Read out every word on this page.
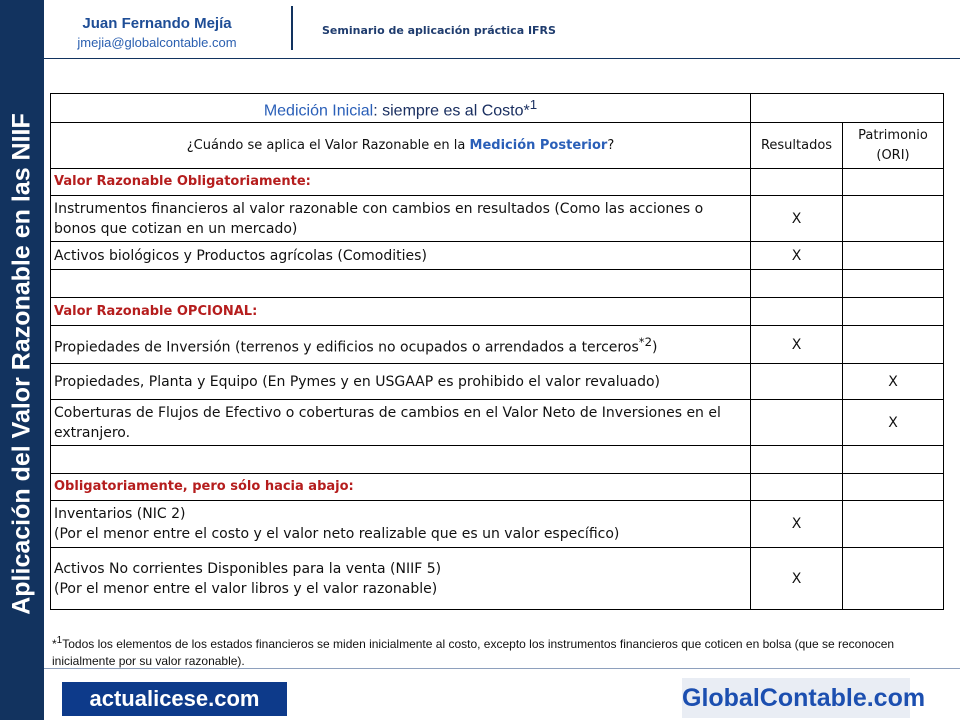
Aplicación del Valor Razonable en las NIIF
Juan Fernando Mejía
jmejia@globalcontable.com
Seminario de aplicación práctica IFRS
Medición Inicial: siempre es al Costo*$^1$	
¿Cuándo se aplica el Valor Razonable en la Medición Posterior?	Resultados	Patrimonio (ORI)
Valor Razonable Obligatoriamente:		
Instrumentos financieros al valor razonable con cambios en resultados (Como las acciones o bonos que cotizan en un mercado)	X	
Activos biológicos y Productos agrícolas (Comodities)	X	

Valor Razonable OPCIONAL:		
Propiedades de Inversión (terrenos y edificios no ocupados o arrendados a terceros$^{*2}$)	X	
Propiedades, Planta y Equipo (En Pymes y en USGAAP es prohibido el valor revaluado)		X
Coberturas de Flujos de Efectivo o coberturas de cambios en el Valor Neto de Inversiones en el extranjero.		X

Obligatoriamente, pero sólo hacia abajo:		

Inventarios (NIC 2)
(Por el menor entre el costo y el valor neto realizable que es un valor específico)	X	

Activos No corrientes Disponibles para la venta (NIIF 5)
(Por el menor entre el valor libros y el valor razonable)	X	
*$^1$Todos los elementos de los estados financieros se miden inicialmente al costo, excepto los instrumentos financieros que coticen en bolsa (que se reconocen inicialmente por su valor razonable).
actualicese.com	GlobalContable.com
